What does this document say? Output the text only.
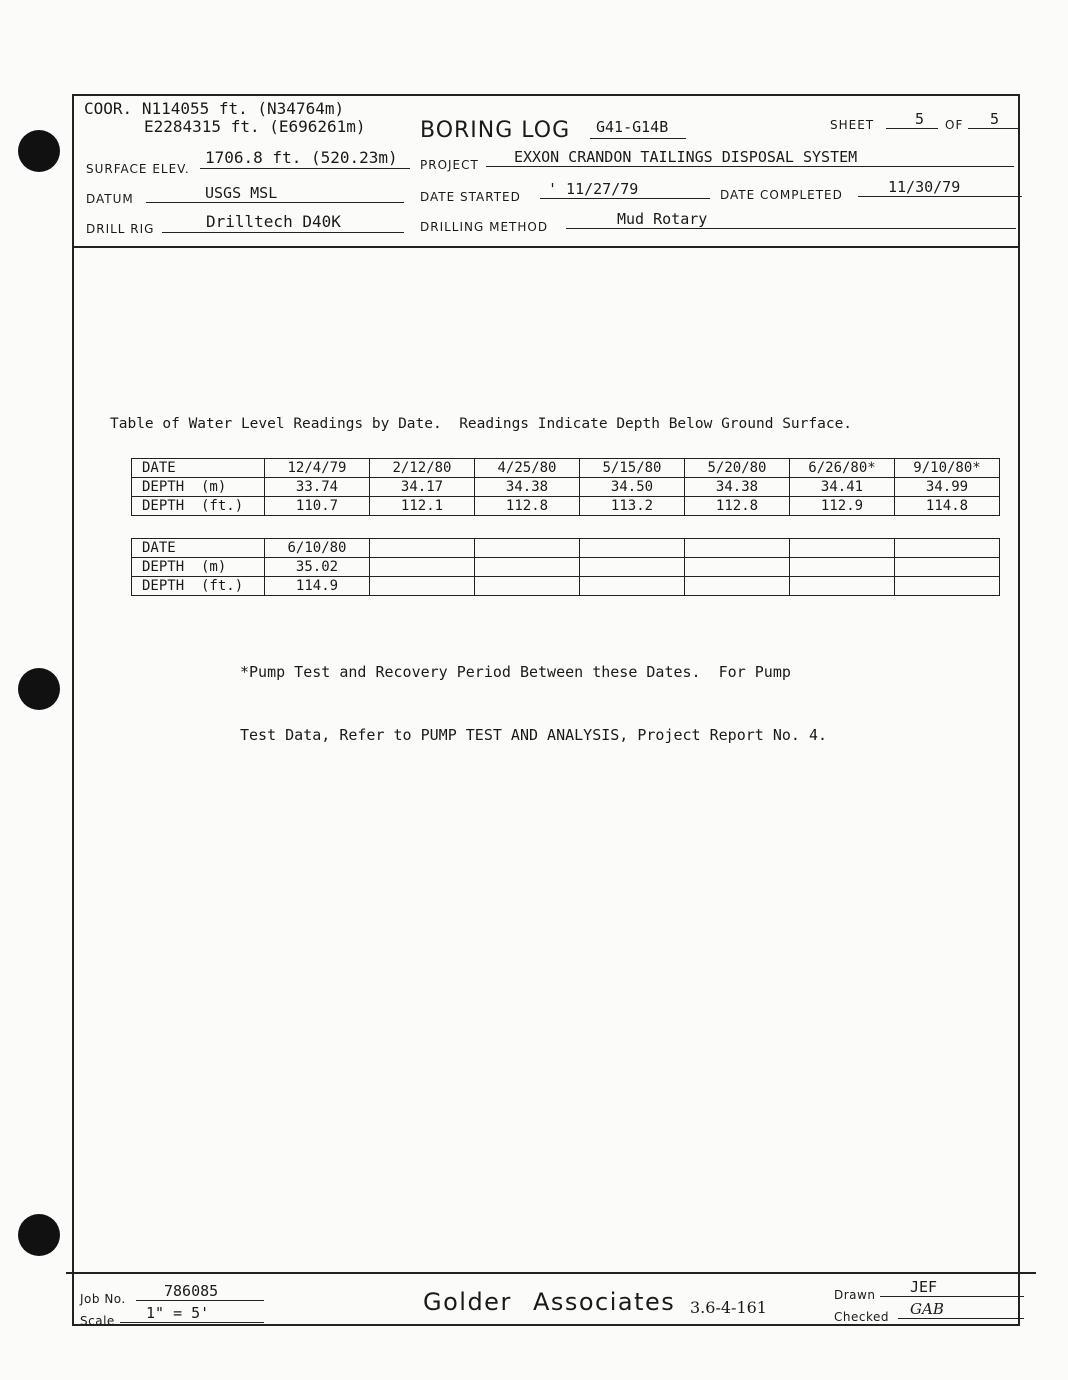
COOR. N114055 ft. (N34764m)
E2284315 ft. (E696261m) BORING LOG G41-G14B	SHEET	5 OF 5
SURFACE ELEV.
1706.8 ft. (520.23m) PROJECT EXXON CRANDON TAILINGS DISPOSAL SYSTEM
DATUM	USGS MSL	DATE STARTED ' 11/27/79	DATE COMPLETED	11/30/79
DRILL RIG	Drilltech D40K	DRILLING METHOD	Mud Rotary
Table of Water Level Readings by Date.  Readings Indicate Depth Below Ground Surface.
DATE	12/4/79	2/12/80	4/25/80	5/15/80	5/20/80	6/26/80*	9/10/80*
DEPTH  (m)	33.74	34.17	34.38	34.50	34.38	34.41	34.99
DEPTH  (ft.)	110.7	112.1	112.8	113.2	112.8	112.9	114.8
DATE	6/10/80						
DEPTH  (m)	35.02						
DEPTH  (ft.)	114.9						

*Pump Test and Recovery Period Between these Dates.  For Pump

Test Data, Refer to PUMP TEST AND ANALYSIS, Project Report No. 4.

Job No.	786085
Scale 1" = 5'	Golder Associates 3.6-4-161
Drawn JEF
Checked GAB
